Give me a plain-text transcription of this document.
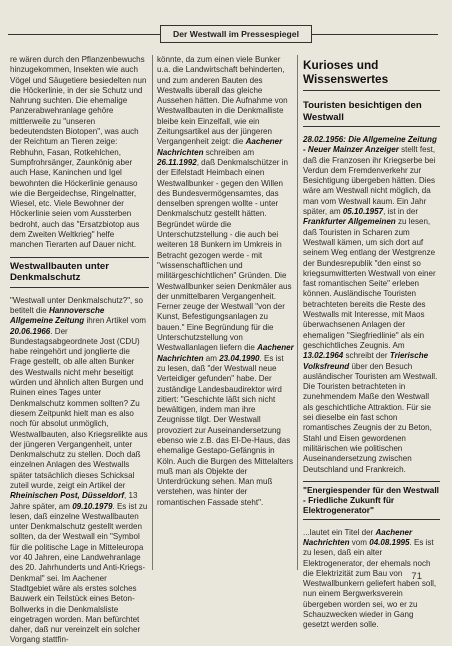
Der Westwall im Pressespiegel

re wären durch den Pflanzenbewuchs hinzugekommen, Insekten wie auch Vögel und Säugetiere besiedelten nun die Höckerlinie, in der sie Schutz und Nahrung suchten. Die ehemalige Panzerabwehranlage gehöre mittlerweile zu "unseren bedeutendsten Biotopen", was auch der Reichtum an Tieren zeige: Rebhuhn, Fasan, Rotkehlchen, Sumpfrohrsänger, Zaunkönig aber auch Hase, Kaninchen und Igel bewohnten die Höckerlinie genauso wie die Bergeidechse, Ringelnatter, Wiesel, etc. Viele Bewohner der Höckerlinie seien vom Aussterben bedroht, auch das "Ersatzbiotop aus dem Zweiten Weltkrieg" helfe manchen Tierarten auf Dauer nicht.

Westwallbauten unter Denkmalschutz

"Westwall unter Denkmalschutz?", so betitelt die Hannoversche Allgemeine Zeitung ihren Artikel vom 20.06.1966. Der Bundestagsabgeordnete Jost (CDU) habe reingehört und jonglierte die Frage gestellt, ob alle alten Bunker des Westwalls nicht mehr beseitigt würden und ähnlich alten Burgen und Ruinen eines Tages unter Denkmalschutz kommen sollten? Zu diesem Zeitpunkt hielt man es also noch für absolut unmöglich, Westwallbauten, also Kriegsrelikte aus der jüngeren Vergangenheit, unter Denkmalschutz zu stellen. Doch daß einzelnen Anlagen des Westwalls später tatsächlich dieses Schicksal zuteil wurde, zeigt ein Artikel der Rheinischen Post, Düsseldorf, 13 Jahre später, am 09.10.1979. Es ist zu lesen, daß einzelne Westwallbauten unter Denkmalschutz gestellt werden sollten, da der Westwall ein "Symbol für die politische Lage in Mitteleuropa vor 40 Jahren, eine Landwehranlage des 20. Jahrhunderts und Anti-Kriegs-Denkmal" sei. Im Aachener Stadtgebiet wäre als erstes solches Bauwerk ein Teilstück eines Beton-Bollwerks in die Denkmalsliste eingetragen worden. Man befürchtet daher, daß nur vereinzelt ein solcher Vorgang stattfin-

könnte, da zum einen viele Bunker u.a. die Landwirtschaft behinderten, und zum anderen Bauten des Westwalls überall das gleiche Aussehen hätten. Die Aufnahme von Westwallbauten in die Denkmalliste bleibe kein Einzelfall, wie ein Zeitungsartikel aus der jüngeren Vergangenheit zeigt: die Aachener Nachrichten schreiben am 26.11.1992, daß Denkmalschützer in der Eifelstadt Heimbach einen Westwallbunker - gegen den Willen des Bundesvermögensamtes, das denselben sprengen wollte - unter Denkmalschutz gestellt hätten. Begründet würde die Unterschutzstellung - die auch bei weiteren 18 Bunkern im Umkreis in Betracht gezogen werde - mit "wissenschaftlichen und militärgeschichtlichen" Gründen. Die Westwallbunker seien Denkmäler aus der unmittelbaren Vergangenheit. Ferner zeuge der Westwall "von der Kunst, Befestigungsanlagen zu bauen." Eine Begründung für die Unterschutzstellung von Westwallanlagen liefern die Aachener Nachrichten am 23.04.1990. Es ist zu lesen, daß "der Westwall neue Verteidiger gefunden" habe. Der zuständige Landesbaudirektor wird zitiert: "Geschichte läßt sich nicht bewältigen, indem man ihre Zeugnisse tilgt. Der Westwall provoziert zur Auseinandersetzung ebenso wie z.B. das El-De-Haus, das ehemalige Gestapo-Gefängnis in Köln. Auch die Burgen des Mittelalters muß man als Objekte der Unterdrückung sehen. Man muß verstehen, was hinter der romantischen Fassade steht".

Kurioses und Wissenswertes
Touristen besichtigen den Westwall

28.02.1956: Die Allgemeine Zeitung - Neuer Mainzer Anzeiger stellt fest, daß die Franzosen ihr Kriegserbe bei Verdun dem Fremdenverkehr zur Besichtigung übergeben hätten. Dies wäre am Westwall nicht möglich, da man vom Westwall kaum. Ein Jahr später, am 05.10.1957, ist in der Frankfurter Allgemeinen zu lesen, daß Touristen in Scharen zum Westwall kämen, um sich dort auf seinem Weg entlang der Westgrenze der Bundesrepublik "den einst so kriegsumwitterten Westwall von einer fast romantischen Seite" erleben können. Ausländische Touristen betrachteten bereits die Reste des Westwalls mit Interesse, mit Maos überwachsenen Anlagen der ehemaligen "Siegfriedlinie" als ein geschichtliches Zeugnis. Am 13.02.1964 schreibt der Trierische Volksfreund über den Besuch ausländischer Touristen am Westwall. Die Touristen betrachteten in zunehmendem Maße den Westwall als geschichtliche Attraktion. Für sie sei dieselbe ein fast schon romantisches Zeugnis der zu Beton, Stahl und Eisen gewordenen militärischen wie politischen Auseinandersetzung zwischen Deutschland und Frankreich.

"Energiespender für den Westwall - Friedliche Zukunft für Elektrogenerator"

...lautet ein Titel der Aachener Nachrichten vom 04.08.1995. Es ist zu lesen, daß ein alter Elektrogenerator, der ehemals noch die Elektrizität zum Bau von Westwallbunkern geliefert haben soll, nun einem Bergwerksverein übergeben worden sei, wo er zu Schauzwecken wieder in Gang gesetzt werden solle.

71
